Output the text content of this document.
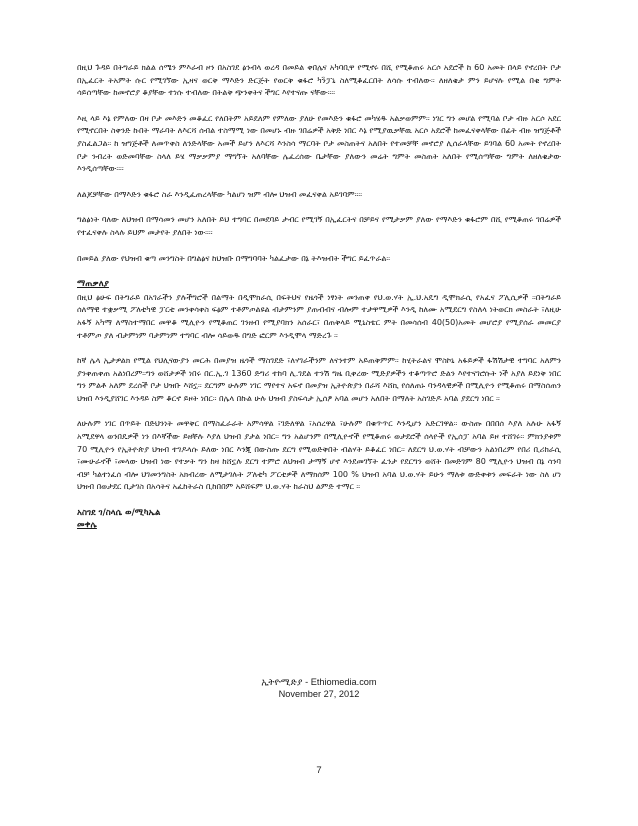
በዚህ ጉዳይ በትግራይ ክልል ሰሜን ምእራብ ዞን በአስገደ ፅንብላ ወረዳ በመይል ቀበሌና አካባቢዋ የሚኖሩ በሺ የሚቆጠሩ አርሶ አደሮች ከ 60 አመት በላይ የኖረበት ቦታ በኢፈርት ትአምት ሱር የሚገኘው ኢዛና ወርቅ ማእድን ድርጅት የወርቅ ቁፋሮ ካን፟ፓኒ ስለሚቆፈርበት ለሳሱ ተብለው። ለዘለቄታ ምን ይሆናሉ የሚል በቂ ግምት ሳይሰጣቸው ከመኖሮያ ቆያቸው ተነሱ ተብለው በትልቅ ጭንቀትና ችግር እየተናጡ ናቸው።።

እዚ ላይ እኔ የምለው በዛ ቦታ መእድን መቆፈር የለበትም አይደለም የምለው ያለሁ የመእድን ቁፋሮ መካሄዱ አልቃወምም። ነገር ግን መሆል የሚባል ቦታ ብዙ አርሶ አደር የሚኖርበት ስቀንድ ኩበት ማራባት ለእርሻ ሰብል ተስማሚ ነው በመሆኑ ብዙ ገበሬዎች አቅድ ነበር እኔ የሚያዉቃቸዉ አርሶ አደሮች ከመፈናቀላቸው በፊት ብዙ ዝግጅቶች ያስፈልጋል። ከ ዝግጅቶች ለመጥቀስ ለንድላቸው አመች ይሆን ለእርሻ እንስሳ ማርባት ቦታ መስጠትና አለበት የተመቻቸ መኖሮያ ሊሰራላቸው ይገባል 60 አመት የኖረበት ቦታ ንብረት ወድመባቸው ስላለ ይሄ ማቃቃምያ ማግኘት አለባቸው ሌፈረሰው ቤታቸው ያለውን መሬት ግምት መስጠት አለበት የሚሰጣቸው ግምት ለዘለቄታው እንዲሰጣቸው።።

ለልጆቻቸው በማእድን ቁፋሮ ስራ እንዲፈጠረላቸው ካልሆነ ዝም ብሎ ህዝብ መፈናቀል አይገባም።።

ግልፅነት ባለው ለህዝብ በማሳመን መሆን አለበት ይህ ተግባር በመደባይ ታብር የሚገኝ በኢፈርትና በቻይና የሚታቃም ያለው የማእድን ቁፋሮም በሺ የሚቆጠሩ ገበሬዎች የተፈናቀሉ ስላሉ ይህም መታየት ያለበት ነው።።

በመይል ያለው የህዝብ ቁጣ መንግስት በግልፅና ከህዝቡ በማግባባት ካልፈታው በኔ ትእዝብት ችግር ይፈጥራል።

ማጠቃለያ

በዚህ ፅሁፍ በትግራይ በአገራችን ያሉችግሮች በልማት በዲሞክራሲ በፍትህና የዜጎች ነፃነት መንጠቀ የህ.ወ.ሃት ኢ.ህ.አዴግ ዲሞክራሲ የአፈና ፖሊሲዎች ።በትግራይ ሰለማዊ ተቋቃሚ ፖለቲካዊ ፓርቲ መንቀሳቀስ ፍፅም ተቶምጦልዩል ብታምንም ያጠብብና ብሎም ተታዋሚዎች እንዲ ከለሙ አሚደርግ የስለላ ነትወርክ መስራት ፣ለዚሁ አፋኝ አካማ ለማስተማበር መዋቆ ሚሊዮን የሚቆጠር ገንዘብ የሚያባክን አሰራር፣ በጠቅላይ ሚኒስቴር ምት በመሳሰብ 40(50)አመት መሆሮያ የሚያሰራ መመርያ ተቶምጦ ያለ ብታምነም ባታምነም ተግባር ብሎ ሳይወዱ በግድ ፎርም እንዲሞላ ማድረጉ ።

ከኛ ሌላ ኢታዎልክ የሚል የህሊናውያን መርሕ በመያዝ ዜጎች ማስገደድ ፣ለሃገራችንም ለናንተም አይጠቅምም። ከሂትራልና ሞስኮኒ አፋይዎች ፋሽሽታዊ ተግባር አለምን ያንቀጠቀጠ አልነበረም።ግን ወሸታዎች ነበሩ በር.ኢ.ገ 1360 ድግሪ ተከባ ሊ.ገደል ተንሽ ግዜ ቢቀረው ሚድያዎችን ተቆጣጥሮ ድልን እየተናገሮሱት ነች አያለ ይደነቅ ነበር ግን ምልቶ አለም ደረሰች ቦታ ህዝቡ እሸኗ። ደርግም ሁሉም ነገር ማየተና አፍኖ በመያዝ ኢትዮጵያን በራሻ እሸኪ የሰለጠኑ ባንዳላዊዎች በሚሊዮን የሚቆጠሩ በማስሰጠን ህዝበ እንዲያሸገር እንዳይ ስም ቆርኖ ይዞት ነበር። በሌላ በኩል ሁሉ ህዝብ ያስፍሳታ ኢሰፆ አባል መሆን አለበት በማለት አስገድዶ አባል ያደርግ ነበር ።

ለሁሉም ነገር በጥይት በድህንነት መዋቅር በማስፈራራት አምሳዋል ፣ገድለዋል ፣አሰረዋል ፣ሁሉም በቁጥጥር እንዲሆን አድርገዋል። ውስጡ በበበሰ እያለ አሉሁ አፋኝ አሚደዋላ ወንበዴዎች ነን በእኛችው ይዘቸሉ እያለ ህዝብ ያታል ነበር። ግን አልሆንም በሚሊዮኖች የሚቆጠሩ ወታደሮች ሰላዮች የኢሰፓ አባል ይዞ ተሸገሩ። ምክንያቱም 70 ሚሊዮን የኢትዮጵያ ህዝብ ተገዶላሱ ይለው ነበር እንጂ በውስጡ ደርግ የሚወድቅበት ብልሃት ይቆፈር ነበር። ለደርግ ህ.ወ.ሃት ብቻውን አልነበረም የበሪ ቢሪከራሲ ፣ሙሁራኖች ፣መላው ህዝብ ነው የተቃት ግን ከዛ ከሸኗሉ ደርግ ተምሮ ለህዝብ ታማኝ ሆኖ እንደመገኘት ፈንታ የደርግን ወሸት በመድገም 80 ሚሊዮን ህዝብ በኔ ሳንባ ብቻ ካልተነፈሰ ብሎ ህገመንግስት አክብረው ለሚታገሉት ፖለቲካ ፖርቲዎች ለማክሰም 100 % ህዝብ አባል ህ.ወ.ሃት ይሁን ማለቱ ውድቀቱን መፍራት ነው ስለ ሆነ ህዝብ በወታደር ቢታገስ በአሳትና አፈከትራስ ቢከበበም አይሸፍም ህ.ወ.ሃት ከራስህ ልምድ ተማር ።

አስገደ ገ/ስላሴ ወ/ሚካኤል
መቀሌ
ኢትዮሚድያ - Ethiomedia.com
November 27, 2012
7
